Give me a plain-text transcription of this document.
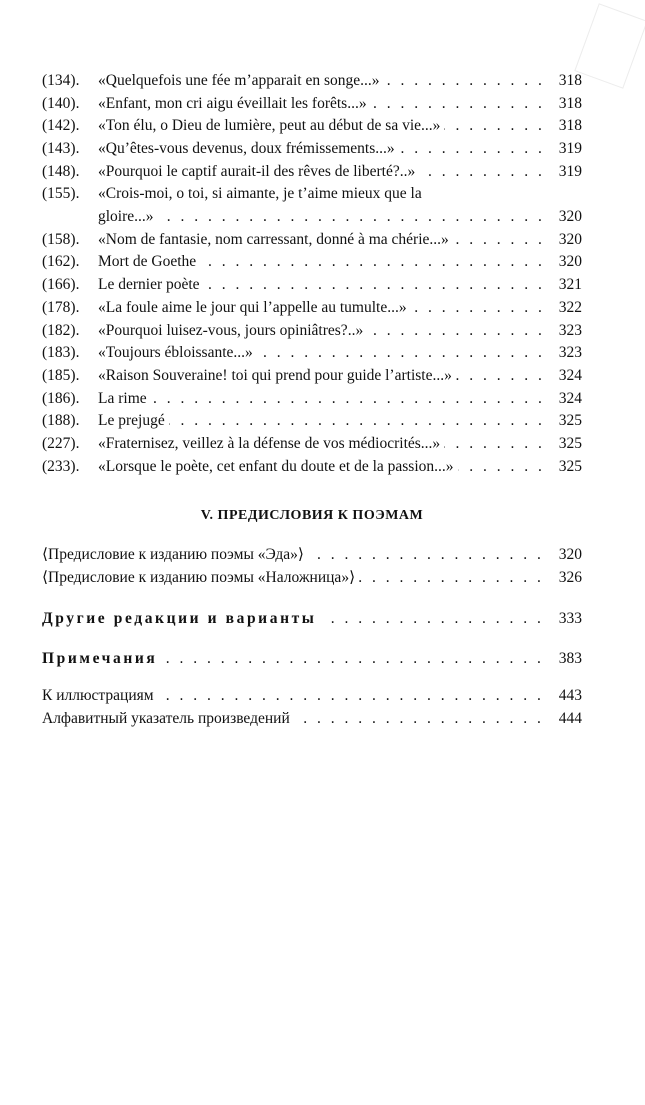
(134).	«Quelquefois une fée m’apparait en songe...» . . .	318
(140).	«Enfant, mon cri aigu éveillait les forêts...» . . .	318
(142).	«Ton élu, o Dieu de lumière, peut au début de sa vie...» . . .	318
(143).	«Qu’êtes-vous devenus, doux frémissements...» . . .	319
(148).	«Pourquoi le captif aurait-il des rêves de liberté?..» . . .	319
(155).	«Crois-moi, o toi, si aimante, je t’aime mieux que la
gloire...» . . .	320
(158).	«Nom de fantasie, nom carressant, donné à ma chérie...» . . .	320
(162).	Mort de Goethe . . .	320
(166).	Le dernier poète . . .	321
(178).	«La foule aime le jour qui l’appelle au tumulte...» . . .	322
(182).	«Pourquoi luisez-vous, jours opiniâtres?..» . . .	323
(183).	«Toujours ébloissante...» . . .	323
(185).	«Raison Souveraine! toi qui prend pour guide l’artiste...» . . .	324
(186).	La rime . . .	324
(188).	Le prejugé . . .	325
(227).	«Fraternisez, veillez à la défense de vos médiocrités...» . . .	325
(233).	«Lorsque le poète, cet enfant du doute et de la passion...» . . .	325
V. ПРЕДИСЛОВИЯ К ПОЭМАМ
⟨Предисловие к изданию поэмы «Эда»⟩ . . .	320
⟨Предисловие к изданию поэмы «Наложница»⟩ . . .	326
Другие редакции и варианты . . .	333
Примечания . . .	383
К иллюстрациям . . .	443
Алфавитный указатель произведений . . .	444
